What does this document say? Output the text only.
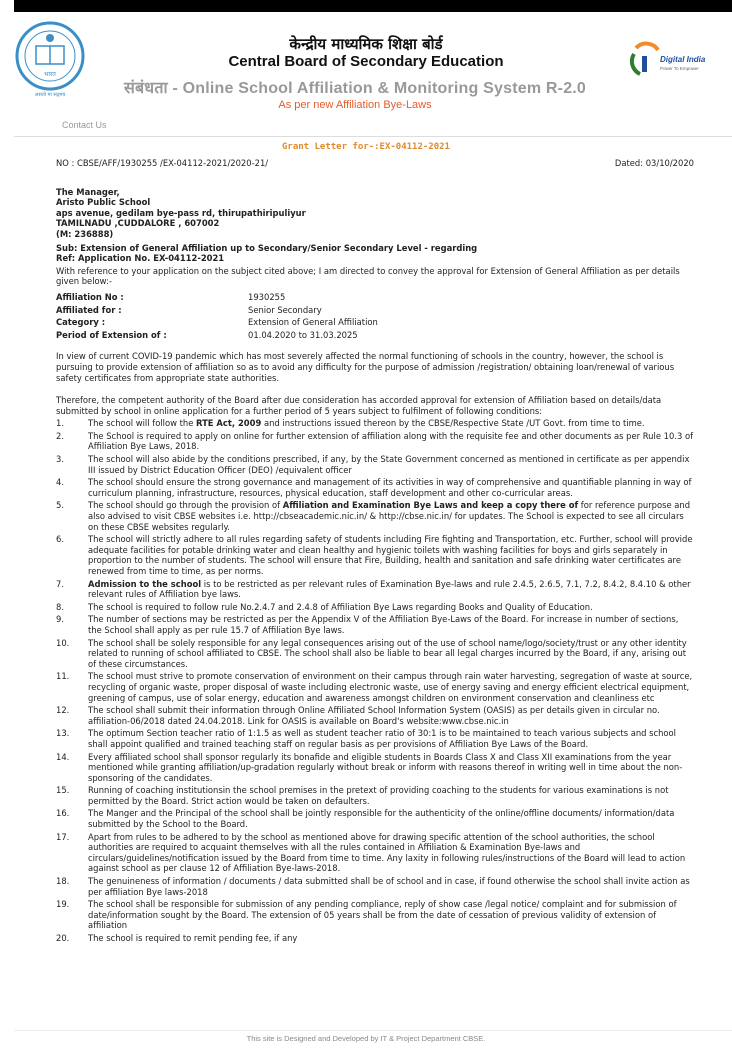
भारत
असतो मा सद्गमय
केन्द्रीय माध्यमिक शिक्षा बोर्ड
Central Board of Secondary Education
संबंधता - Online School Affiliation & Monitoring System R-2.0
As per new Affiliation Bye-Laws
Digital India
Power To Empower
Contact Us
Grant Letter for-:EX-04112-2021
NO : CBSE/AFF/1930255 /EX-04112-2021/2020-21/	Dated: 03/10/2020
The Manager,
Aristo Public School
aps avenue, gedilam bye-pass rd, thirupathiripuliyur
TAMILNADU ,CUDDALORE , 607002
(M: 236888)
Sub: Extension of General Affiliation up to Secondary/Senior Secondary Level - regarding
Ref: Application No. EX-04112-2021
With reference to your application on the subject cited above; I am directed to convey the approval for Extension of General Affiliation as per details given below:-
Affiliation No :	1930255
Affiliated for :	Senior Secondary
Category :	Extension of General Affiliation
Period of Extension of :	01.04.2020 to 31.03.2025
In view of current COVID-19 pandemic which has most severely affected the normal functioning of schools in the country, however, the school is pursuing to provide extension of affiliation so as to avoid any difficulty for the purpose of admission /registration/ obtaining loan/renewal of various safety certificates from appropriate state authorities.
Therefore, the competent authority of the Board after due consideration has accorded approval for extension of Affiliation based on details/data submitted by school in online application for a further period of 5 years subject to fulfilment of following conditions:
1.	The school will follow the RTE Act, 2009 and instructions issued thereon by the CBSE/Respective State /UT Govt. from time to time.
2.	The School is required to apply on online for further extension of affiliation along with the requisite fee and other documents as per Rule 10.3 of Affiliation Bye Laws, 2018.
3.	The school will also abide by the conditions prescribed, if any, by the State Government concerned as mentioned in certificate as per appendix III issued by District Education Officer (DEO) /equivalent officer
4.	The school should ensure the strong governance and management of its activities in way of comprehensive and quantifiable planning in way of curriculum planning, infrastructure, resources, physical education, staff development and other co-curricular areas.
5.	The school should go through the provision of Affiliation and Examination Bye Laws and keep a copy there of for reference purpose and also advised to visit CBSE websites i.e. http://cbseacademic.nic.in/ & http://cbse.nic.in/ for updates. The School is expected to see all circulars on these CBSE websites regularly.
6.	The school will strictly adhere to all rules regarding safety of students including Fire fighting and Transportation, etc. Further, school will provide adequate facilities for potable drinking water and clean healthy and hygienic toilets with washing facilities for boys and girls separately in proportion to the number of students. The school will ensure that Fire, Building, health and sanitation and safe drinking water certificates are renewed from time to time, as per norms.
7.	Admission to the school is to be restricted as per relevant rules of Examination Bye-laws and rule 2.4.5, 2.6.5, 7.1, 7.2, 8.4.2, 8.4.10 & other relevant rules of Affiliation bye laws.
8.	The school is required to follow rule No.2.4.7 and 2.4.8 of Affiliation Bye Laws regarding Books and Quality of Education.
9.	The number of sections may be restricted as per the Appendix V of the Affiliation Bye-Laws of the Board. For increase in number of sections, the School shall apply as per rule 15.7 of Affiliation Bye laws.
10.	The school shall be solely responsible for any legal consequences arising out of the use of school name/logo/society/trust or any other identity related to running of school affiliated to CBSE. The school shall also be liable to bear all legal charges incurred by the Board, if any, arising out of these circumstances.
11.	The school must strive to promote conservation of environment on their campus through rain water harvesting, segregation of waste at source, recycling of organic waste, proper disposal of waste including electronic waste, use of energy saving and energy efficient electrical equipment, greening of campus, use of solar energy, education and awareness amongst children on environment conservation and cleanliness etc
12.	The school shall submit their information through Online Affiliated School Information System (OASIS) as per details given in circular no. affiliation-06/2018 dated 24.04.2018. Link for OASIS is available on Board's website:www.cbse.nic.in
13.	The optimum Section teacher ratio of 1:1.5 as well as student teacher ratio of 30:1 is to be maintained to teach various subjects and school shall appoint qualified and trained teaching staff on regular basis as per provisions of Affiliation Bye Laws of the Board.
14.	Every affiliated school shall sponsor regularly its bonafide and eligible students in Boards Class X and Class XII examinations from the year mentioned while granting affiliation/up-gradation regularly without break or inform with reasons thereof in writing well in time about the non-sponsoring of the candidates.
15.	Running of coaching institutionsin the school premises in the pretext of providing coaching to the students for various examinations is not permitted by the Board. Strict action would be taken on defaulters.
16.	The Manger and the Principal of the school shall be jointly responsible for the authenticity of the online/offline documents/ information/data submitted by the School to the Board.
17.	Apart from rules to be adhered to by the school as mentioned above for drawing specific attention of the school authorities, the school authorities are required to acquaint themselves with all the rules contained in Affiliation & Examination Bye-laws and circulars/guidelines/notification issued by the Board from time to time. Any laxity in following rules/instructions of the Board will lead to action against school as per clause 12 of Affiliation Bye-laws-2018.
18.	The genuineness of information / documents / data submitted shall be of school and in case, if found otherwise the school shall invite action as per affiliation Bye laws-2018
19.	The school shall be responsible for submission of any pending compliance, reply of show case /legal notice/ complaint and for submission of date/information sought by the Board. The extension of 05 years shall be from the date of cessation of previous validity of extension of affiliation
20.	The school is required to remit pending fee, if any
This site is Designed and Developed by IT & Project Department CBSE.
